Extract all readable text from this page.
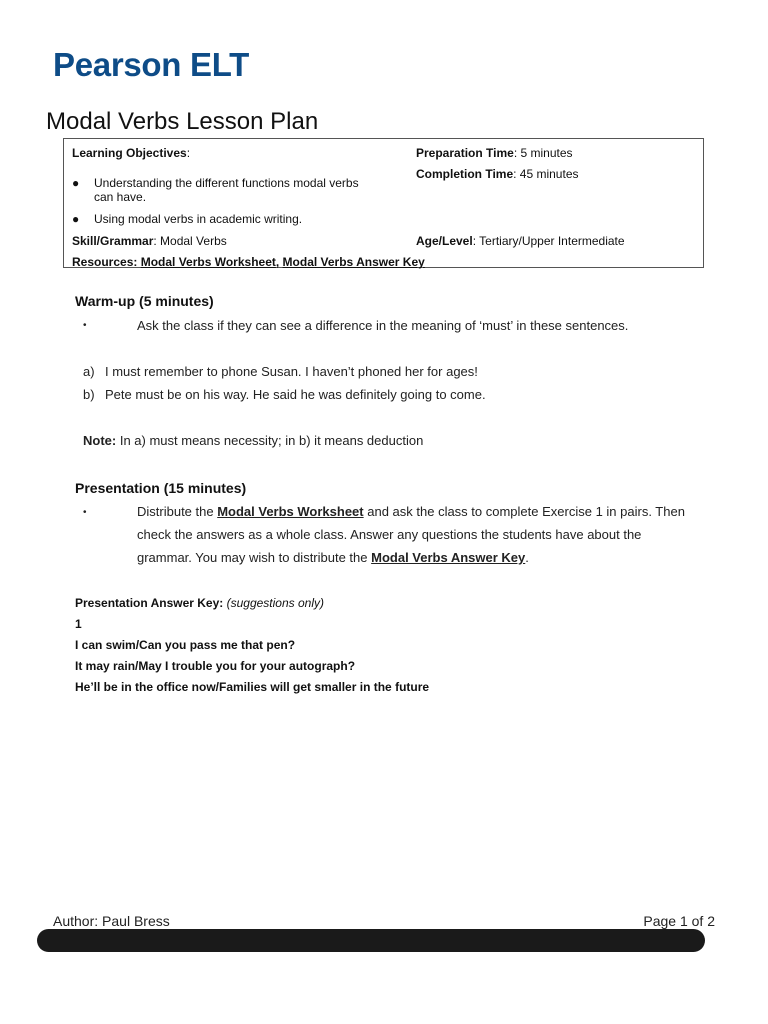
Pearson ELT
Modal Verbs Lesson Plan
Learning Objectives:
● Understanding the different functions modal verbs can have.
● Using modal verbs in academic writing.
Preparation Time: 5 minutes
Completion Time: 45 minutes
Skill/Grammar: Modal Verbs	Age/Level: Tertiary/Upper Intermediate
Resources: Modal Verbs Worksheet, Modal Verbs Answer Key
Warm-up (5 minutes)
•	Ask the class if they can see a difference in the meaning of ‘must’ in these sentences.
a) I must remember to phone Susan. I haven’t phoned her for ages!
b) Pete must be on his way. He said he was definitely going to come.
Note: In a) must means necessity; in b) it means deduction
Presentation (15 minutes)
•	Distribute the Modal Verbs Worksheet and ask the class to complete Exercise 1 in pairs. Then check the answers as a whole class. Answer any questions the students have about the grammar. You may wish to distribute the Modal Verbs Answer Key.
Presentation Answer Key: (suggestions only)
1
I can swim/Can you pass me that pen?
It may rain/May I trouble you for your autograph?
He’ll be in the office now/Families will get smaller in the future
Author: Paul Bress	Page 1 of 2
